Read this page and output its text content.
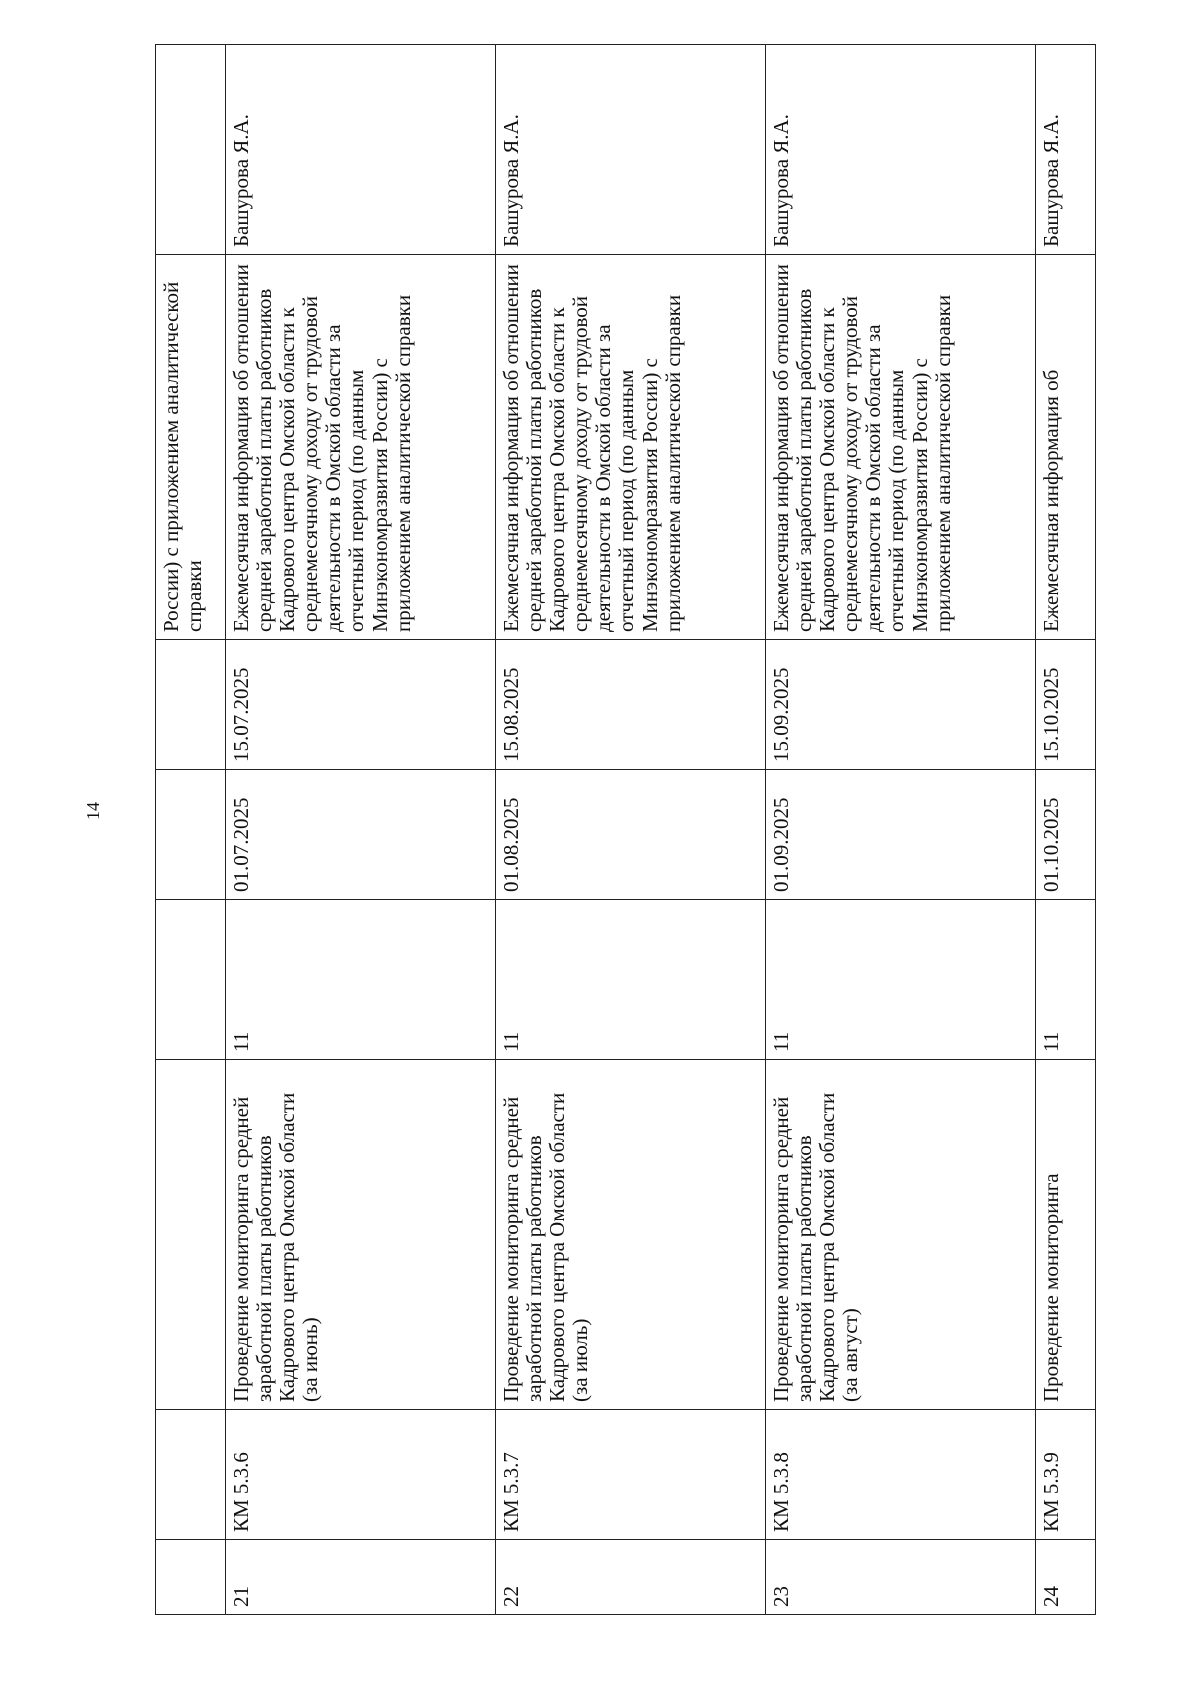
14
						России) с приложением аналитической справки	
21	КМ 5.3.6	Проведение мониторинга средней заработной платы работников Кадрового центра Омской области (за июнь)	11	01.07.2025	15.07.2025	Ежемесячная информация об отношении средней заработной платы работников Кадрового центра Омской области к среднемесячному доходу от трудовой деятельности в Омской области за отчетный период (по данным Минэкономразвития России) с приложением аналитической справки	Башурова Я.А.
22	КМ 5.3.7	Проведение мониторинга средней заработной платы работников Кадрового центра Омской области (за июль)	11	01.08.2025	15.08.2025	Ежемесячная информация об отношении средней заработной платы работников Кадрового центра Омской области к среднемесячному доходу от трудовой деятельности в Омской области за отчетный период (по данным Минэкономразвития России) с приложением аналитической справки	Башурова Я.А.
23	КМ 5.3.8	Проведение мониторинга средней заработной платы работников Кадрового центра Омской области (за август)	11	01.09.2025	15.09.2025	Ежемесячная информация об отношении средней заработной платы работников Кадрового центра Омской области к среднемесячному доходу от трудовой деятельности в Омской области за отчетный период (по данным Минэкономразвития России) с приложением аналитической справки	Башурова Я.А.
24	КМ 5.3.9	Проведение мониторинга	11	01.10.2025	15.10.2025	Ежемесячная информация об	Башурова Я.А.
